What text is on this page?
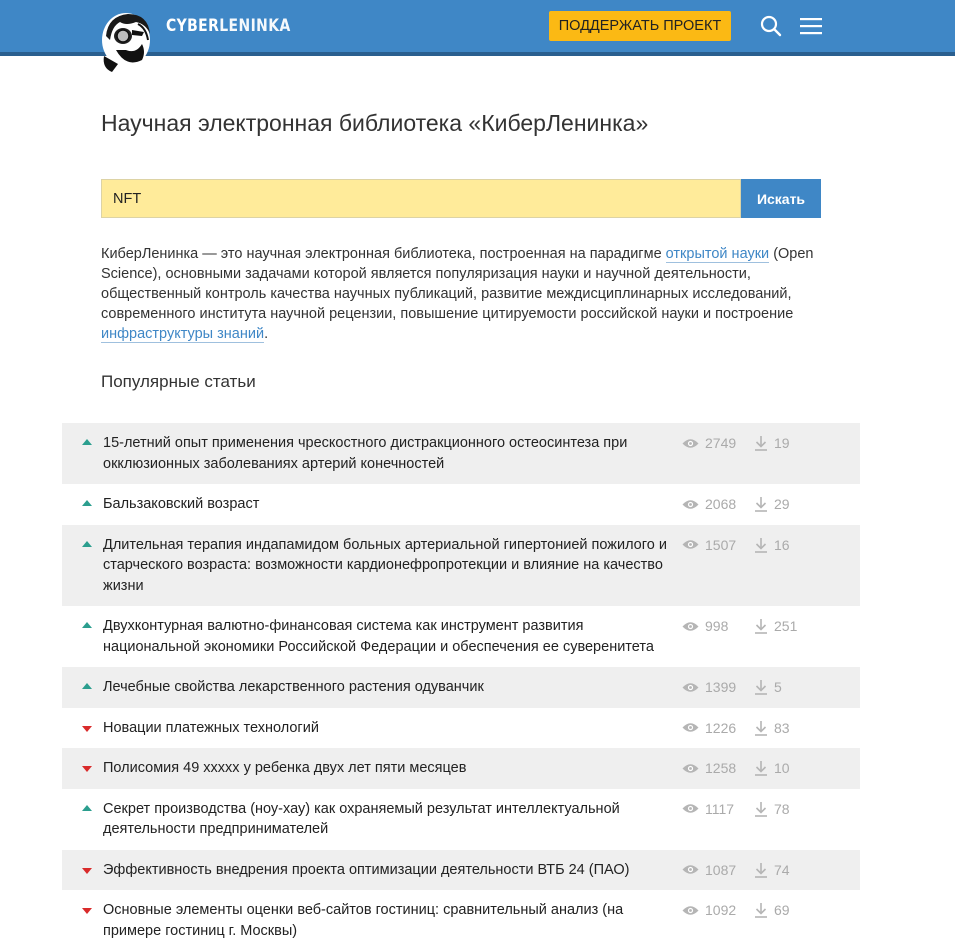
CYBERLENINKA	ПОДДЕРЖАТЬ ПРОЕКТ
Научная электронная библиотека «КиберЛенинка»
NFT
Искать

КиберЛенинка — это научная электронная библиотека, построенная на парадигме открытой науки (Open Science), основными задачами которой является популяризация науки и научной деятельности, общественный контроль качества научных публикаций, развитие междисциплинарных исследований, современного института научной рецензии, повышение цитируемости российской науки и построение инфраструктуры знаний.

Популярные статьи
15-летний опыт применения чрескостного дистракционного остеосинтеза при окклюзионных заболеваниях артерий конечностей
2749	19
Бальзаковский возраст	2068	29
Длительная терапия индапамидом больных артериальной гипертонией пожилого и старческого возраста: возможности кардионефропротекции и влияние на качество жизни
1507	16
Двухконтурная валютно-финансовая система как инструмент развития национальной экономики Российской Федерации и обеспечения ее суверенитета
998	251
Лечебные свойства лекарственного растения одуванчик	1399	5
Новации платежных технологий	1226	83
Полисомия 49 ххххх у ребенка двух лет пяти месяцев	1258	10
Секрет производства (ноу-хау) как охраняемый результат интеллектуальной деятельности предпринимателей
1117	78
Эффективность внедрения проекта оптимизации деятельности ВТБ 24 (ПАО)	1087	74
Основные элементы оценки веб-сайтов гостиниц: сравнительный анализ (на примере гостиниц г. Москвы)
1092	69
